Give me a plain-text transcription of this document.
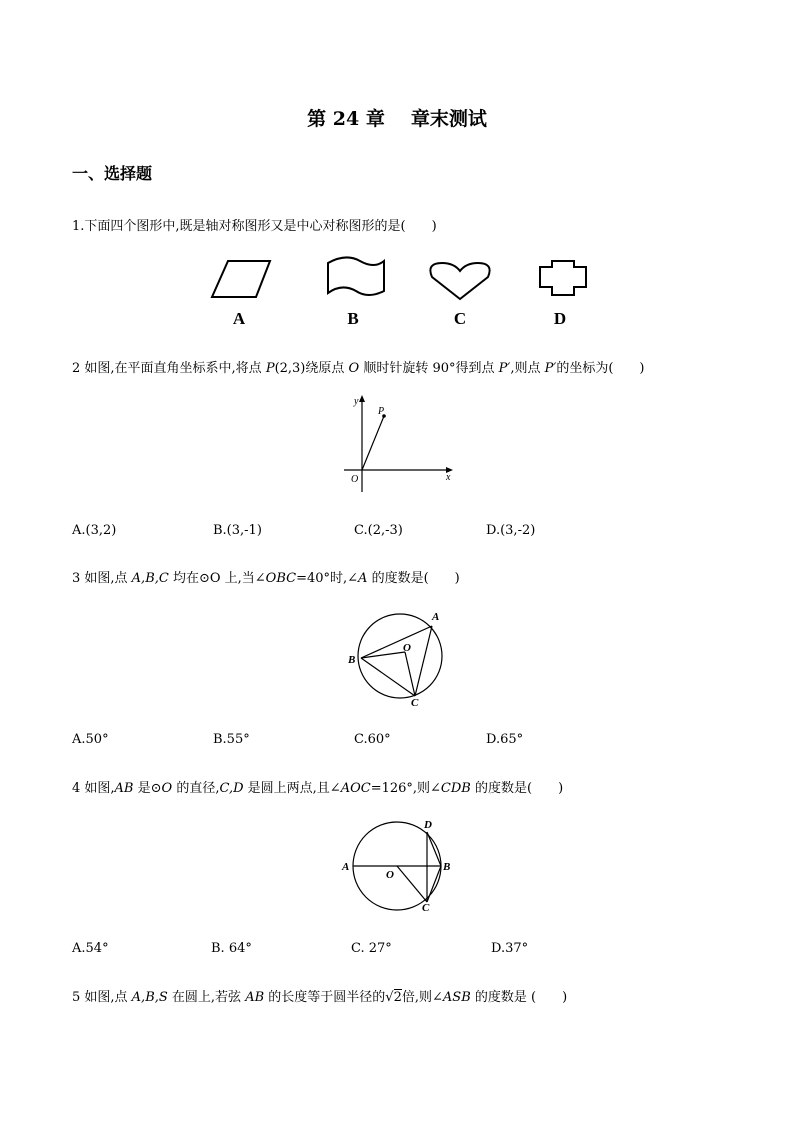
第 24 章 章末测试
一、选择题
1.下面四个图形中,既是轴对称图形又是中心对称图形的是(　　)
A	B	C	D
2 如图,在平面直角坐标系中,将点 P(2,3)绕原点 O 顺时针旋转 90°得到点 P′,则点 P′的坐标为(　　)
y
x
O
P
A.(3,2)	B.(3,-1)	C.(2,-3)	D.(3,-2)
3 如图,点 A,B,C 均在⊙O 上,当∠OBC=40°时,∠A 的度数是(　　)
A
B
C
O
A.50°	B.55°	C.60°	D.65°
4 如图,AB 是⊙O 的直径,C,D 是圆上两点,且∠AOC=126°,则∠CDB 的度数是(　　)
A	B
C
D
O
A.54°	B. 64°	C. 27°	D.37°
5 如图,点 A,B,S 在圆上,若弦 AB 的长度等于圆半径的√2倍,则∠ASB 的度数是 (　　)
